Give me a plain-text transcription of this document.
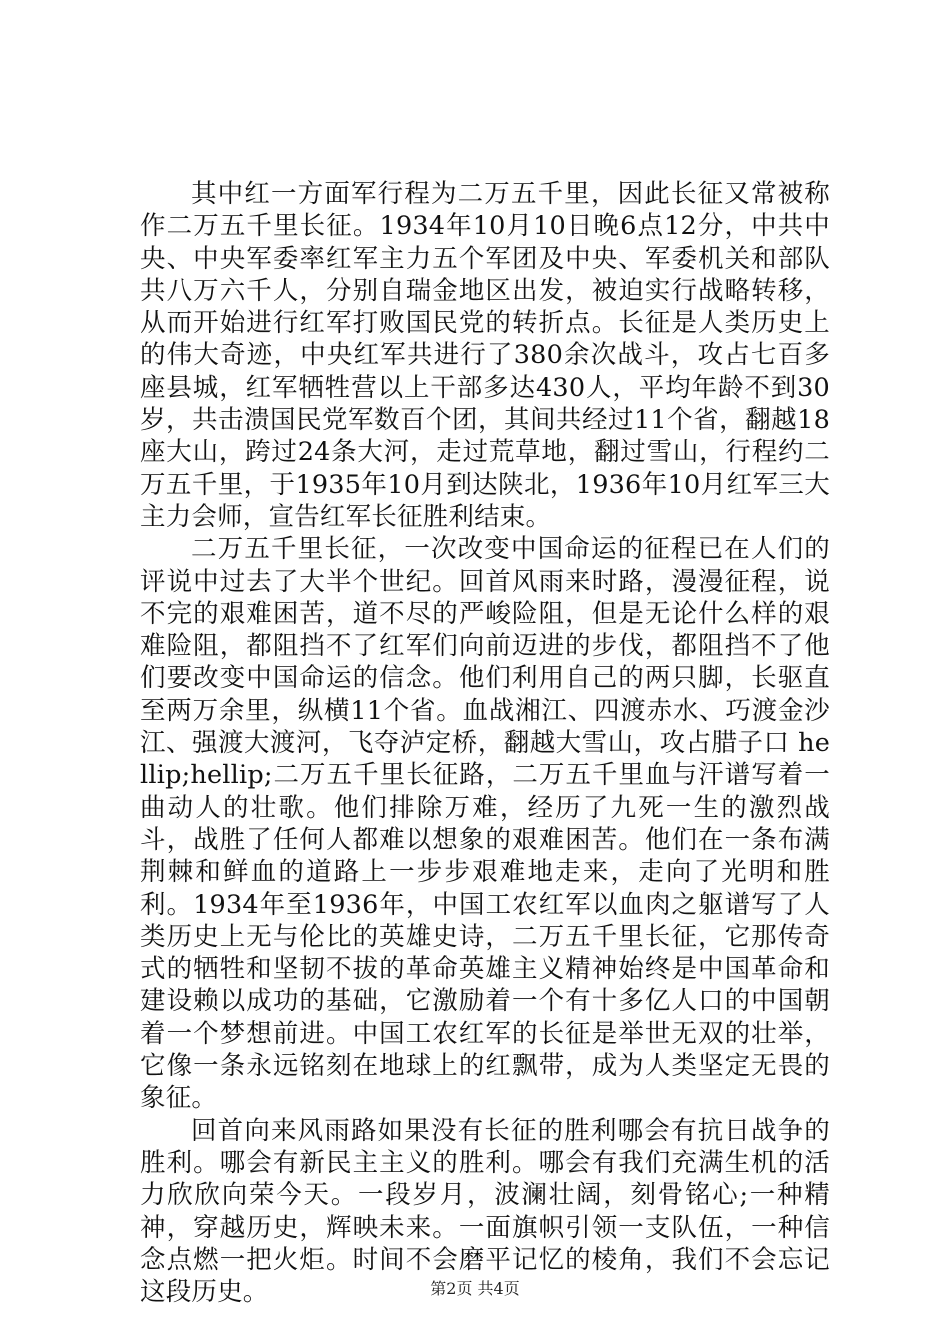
其中红一方面军行程为二万五千里，因此长征又常被称作二万五千里长征。1934年10月10日晚6点12分，中共中央、中央军委率红军主力五个军团及中央、军委机关和部队共八万六千人，分别自瑞金地区出发，被迫实行战略转移，从而开始进行红军打败国民党的转折点。长征是人类历史上的伟大奇迹，中央红军共进行了380余次战斗，攻占七百多座县城，红军牺牲营以上干部多达430人，平均年龄不到30岁，共击溃国民党军数百个团，其间共经过11个省，翻越18座大山，跨过24条大河，走过荒草地，翻过雪山，行程约二万五千里，于1935年10月到达陕北，1936年10月红军三大主力会师，宣告红军长征胜利结束。

二万五千里长征，一次改变中国命运的征程已在人们的评说中过去了大半个世纪。回首风雨来时路，漫漫征程，说不完的艰难困苦，道不尽的严峻险阻，但是无论什么样的艰难险阻，都阻挡不了红军们向前迈进的步伐，都阻挡不了他们要改变中国命运的信念。他们利用自己的两只脚，长驱直至两万余里，纵横11个省。血战湘江、四渡赤水、巧渡金沙江、强渡大渡河，飞夺泸定桥，翻越大雪山，攻占腊子口 hellip;hellip;二万五千里长征路，二万五千里血与汗谱写着一曲动人的壮歌。他们排除万难，经历了九死一生的激烈战斗，战胜了任何人都难以想象的艰难困苦。他们在一条布满荆棘和鲜血的道路上一步步艰难地走来，走向了光明和胜利。1934年至1936年，中国工农红军以血肉之躯谱写了人类历史上无与伦比的英雄史诗，二万五千里长征，它那传奇式的牺牲和坚韧不拔的革命英雄主义精神始终是中国革命和建设赖以成功的基础，它激励着一个有十多亿人口的中国朝着一个梦想前进。中国工农红军的长征是举世无双的壮举，它像一条永远铭刻在地球上的红飘带，成为人类坚定无畏的象征。

回首向来风雨路如果没有长征的胜利哪会有抗日战争的胜利。哪会有新民主主义的胜利。哪会有我们充满生机的活力欣欣向荣今天。一段岁月，波澜壮阔，刻骨铭心;一种精神，穿越历史，辉映未来。一面旗帜引领一支队伍，一种信念点燃一把火炬。时间不会磨平记忆的棱角，我们不会忘记这段历史。	第2页 共4页
